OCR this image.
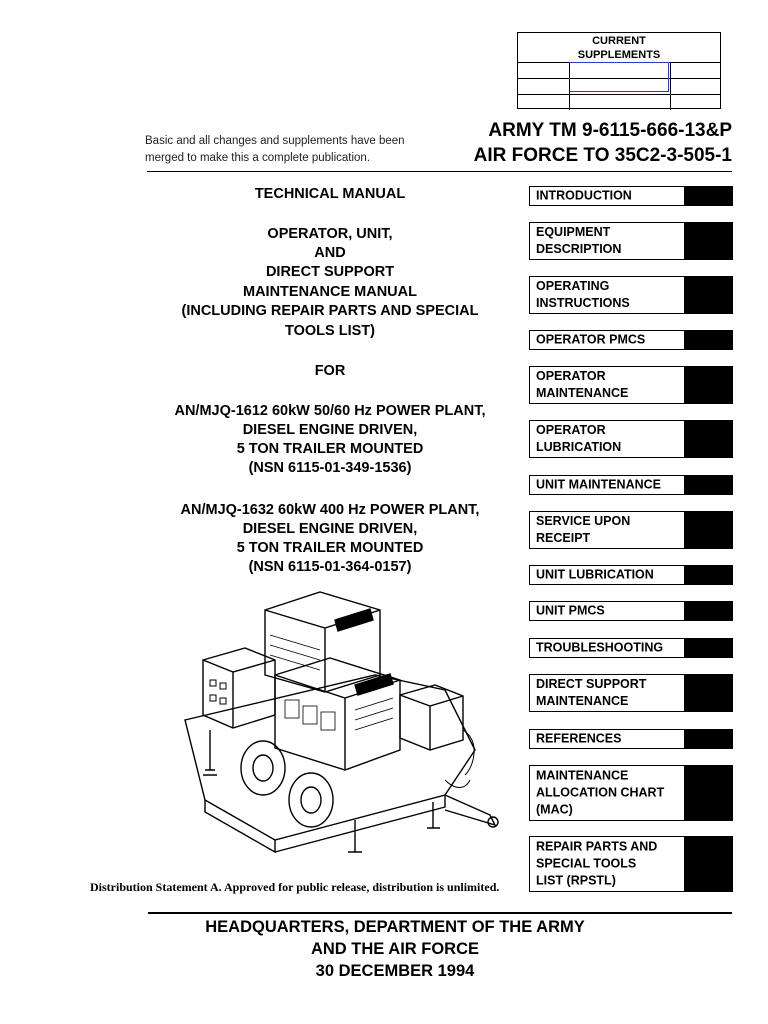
CURRENT
SUPPLEMENTS
Basic and all changes and supplements have been
merged to make this a complete publication.
ARMY TM 9-6115-666-13&P
AIR FORCE TO 35C2-3-505-1
TECHNICAL MANUAL
OPERATOR, UNIT,
AND
DIRECT SUPPORT
MAINTENANCE MANUAL
(INCLUDING REPAIR PARTS AND SPECIAL
TOOLS LIST)
FOR
AN/MJQ-1612 60kW 50/60 Hz POWER PLANT,
DIESEL ENGINE DRIVEN,
5 TON TRAILER MOUNTED
(NSN 6115-01-349-1536)
AN/MJQ-1632 60kW 400 Hz POWER PLANT,
DIESEL ENGINE DRIVEN,
5 TON TRAILER MOUNTED
(NSN 6115-01-364-0157)
INTRODUCTION
EQUIPMENT
DESCRIPTION
OPERATING
INSTRUCTIONS
OPERATOR PMCS
OPERATOR
MAINTENANCE
OPERATOR
LUBRICATION
UNIT MAINTENANCE
SERVICE UPON
RECEIPT
UNIT LUBRICATION
UNIT PMCS
TROUBLESHOOTING
DIRECT SUPPORT
MAINTENANCE
REFERENCES
MAINTENANCE
ALLOCATION CHART
(MAC)
REPAIR PARTS AND
SPECIAL TOOLS
LIST (RPSTL)
Distribution Statement A. Approved for public release, distribution is unlimited.
HEADQUARTERS, DEPARTMENT OF THE ARMY
AND THE AIR FORCE
30 DECEMBER 1994
